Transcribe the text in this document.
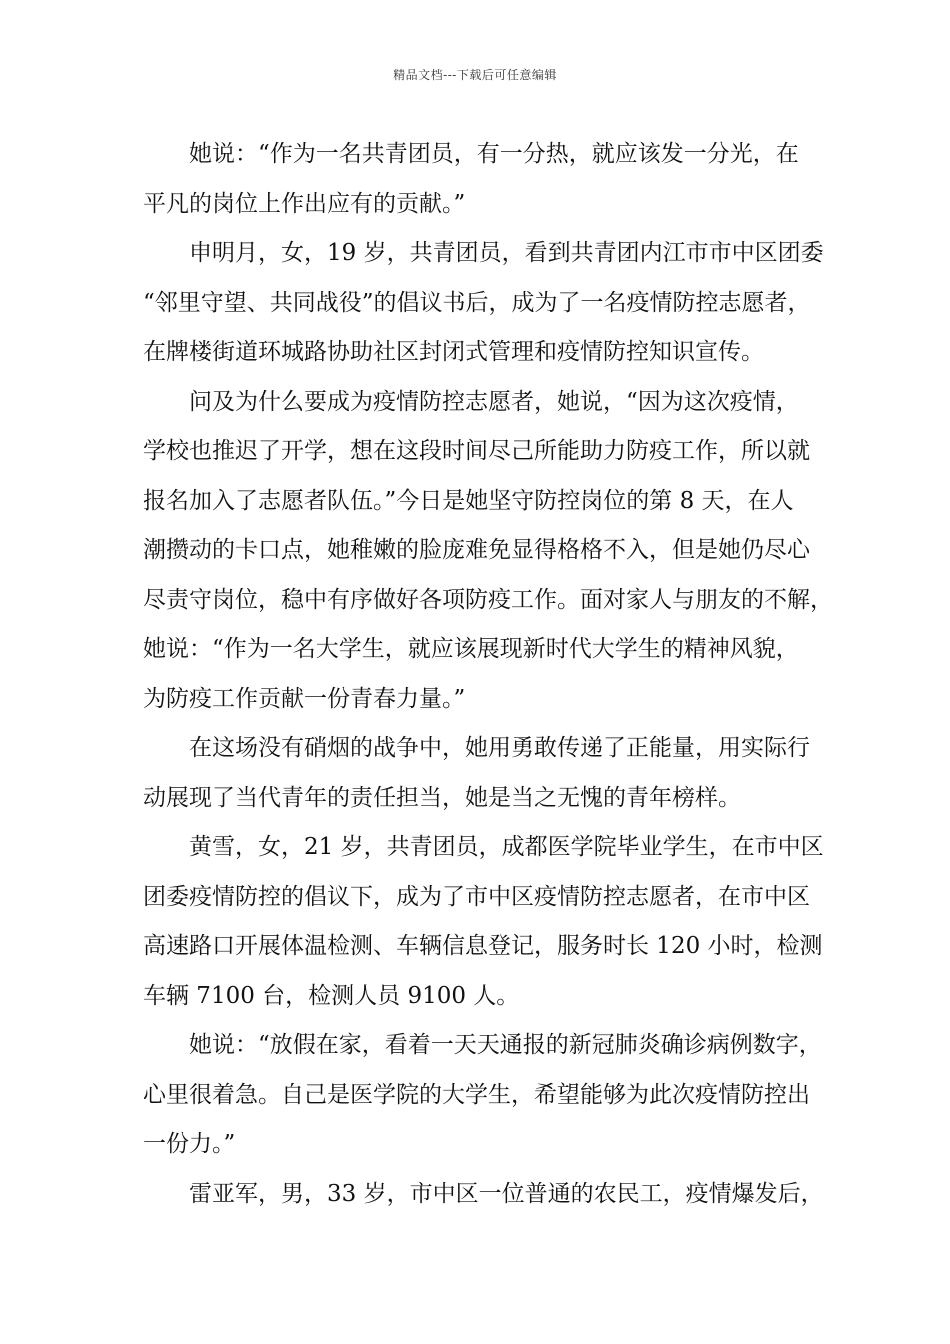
精品文档---下载后可任意编辑
她说：“作为一名共青团员，有一分热，就应该发一分光，在
平凡的岗位上作出应有的贡献。”
申明月，女，19 岁，共青团员，看到共青团内江市市中区团委
“邻里守望、共同战役”的倡议书后，成为了一名疫情防控志愿者，
在牌楼街道环城路协助社区封闭式管理和疫情防控知识宣传。
问及为什么要成为疫情防控志愿者，她说，“因为这次疫情，
学校也推迟了开学，想在这段时间尽己所能助力防疫工作，所以就
报名加入了志愿者队伍。”今日是她坚守防控岗位的第 8 天，在人
潮攒动的卡口点，她稚嫩的脸庞难免显得格格不入，但是她仍尽心
尽责守岗位，稳中有序做好各项防疫工作。面对家人与朋友的不解，
她说：“作为一名大学生，就应该展现新时代大学生的精神风貌，
为防疫工作贡献一份青春力量。”
在这场没有硝烟的战争中，她用勇敢传递了正能量，用实际行
动展现了当代青年的责任担当，她是当之无愧的青年榜样。
黄雪，女，21 岁，共青团员，成都医学院毕业学生，在市中区
团委疫情防控的倡议下，成为了市中区疫情防控志愿者，在市中区
高速路口开展体温检测、车辆信息登记，服务时长 120 小时，检测
车辆 7100 台，检测人员 9100 人。
她说：“放假在家，看着一天天通报的新冠肺炎确诊病例数字，
心里很着急。自己是医学院的大学生，希望能够为此次疫情防控出
一份力。”
雷亚军，男，33 岁，市中区一位普通的农民工，疫情爆发后，
